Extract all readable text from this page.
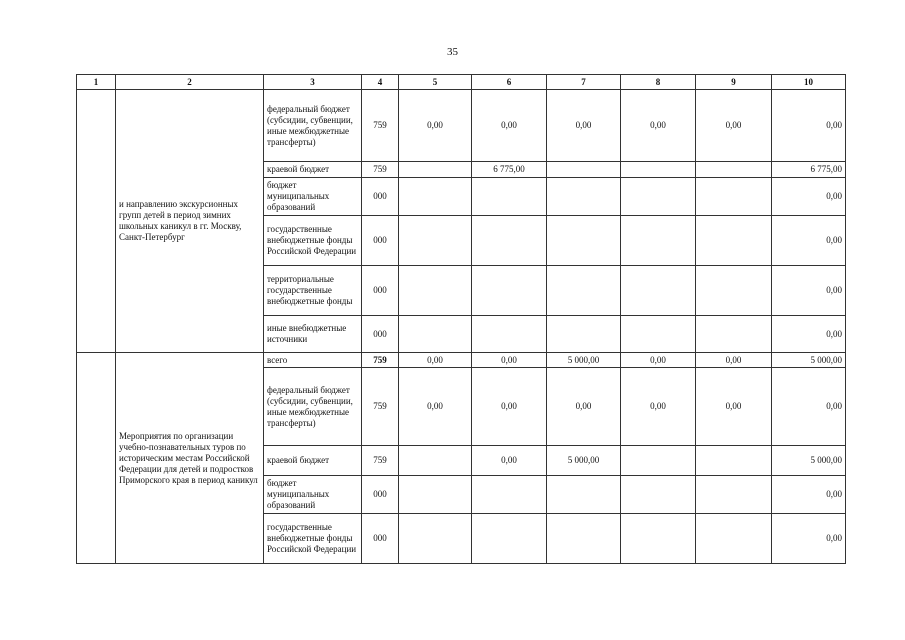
35
1	2	3	4	5	6	7	8	9	10
	и направлению экскурсионных групп детей в период зимних школьных каникул в гг. Москву, Санкт-Петербург	федеральный бюджет (субсидии, субвенции, иные межбюджетные трансферты)	759	0,00	0,00	0,00	0,00	0,00	0,00
		краевой бюджет	759		6 775,00				6 775,00
		бюджет муниципальных образований	000						0,00
		государственные внебюджетные фонды Российской Федерации	000						0,00
		территориальные государственные внебюджетные фонды	000						0,00
		иные внебюджетные источники	000						0,00
	Мероприятия по организации учебно-познавательных туров по историческим местам Российской Федерации для детей и подростков Приморского края в период каникул	всего	759	0,00	0,00	5 000,00	0,00	0,00	5 000,00
		федеральный бюджет (субсидии, субвенции, иные межбюджетные трансферты)	759	0,00	0,00	0,00	0,00	0,00	0,00
		краевой бюджет	759		0,00	5 000,00			5 000,00
		бюджет муниципальных образований	000						0,00
		государственные внебюджетные фонды Российской Федерации	000						0,00
